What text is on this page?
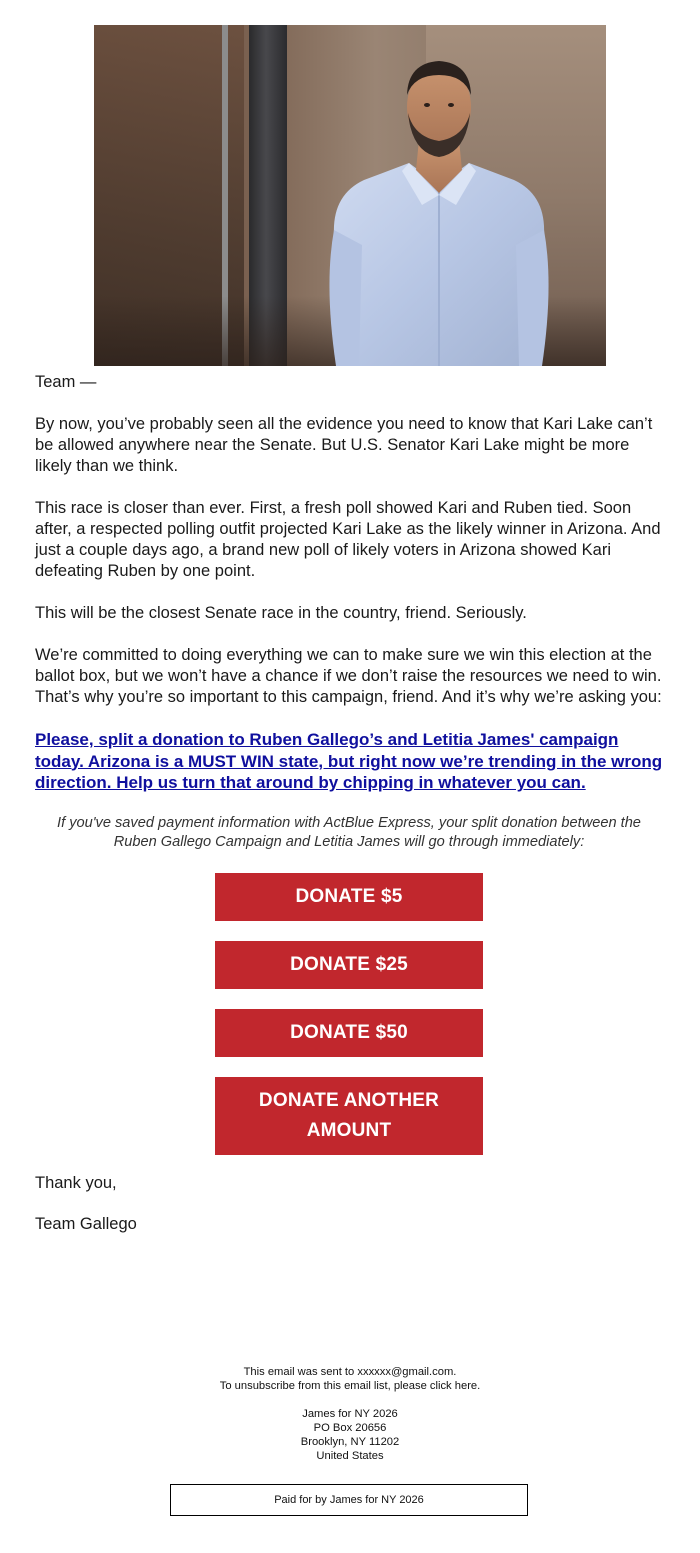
Team —

By now, you’ve probably seen all the evidence you need to know that Kari Lake can’t be allowed anywhere near the Senate. But U.S. Senator Kari Lake might be more likely than we think.

This race is closer than ever. First, a fresh poll showed Kari and Ruben tied. Soon after, a respected polling outfit projected Kari Lake as the likely winner in Arizona. And just a couple days ago, a brand new poll of likely voters in Arizona showed Kari defeating Ruben by one point.

This will be the closest Senate race in the country, friend. Seriously.

We’re committed to doing everything we can to make sure we win this election at the ballot box, but we won’t have a chance if we don’t raise the resources we need to win. That’s why you’re so important to this campaign, friend. And it’s why we’re asking you:

Please, split a donation to Ruben Gallego’s and Letitia James' campaign today. Arizona is a MUST WIN state, but right now we’re trending in the wrong direction. Help us turn that around by chipping in whatever you can.

If you've saved payment information with ActBlue Express, your split donation between the Ruben Gallego Campaign and Letitia James will go through immediately:

DONATE $5
DONATE $25
DONATE $50
DONATE ANOTHER AMOUNT

Thank you,

Team Gallego

This email was sent to xxxxxx@gmail.com.
To unsubscribe from this email list, please click here.
James for NY 2026
PO Box 20656
Brooklyn, NY 11202
United States
Paid for by James for NY 2026
